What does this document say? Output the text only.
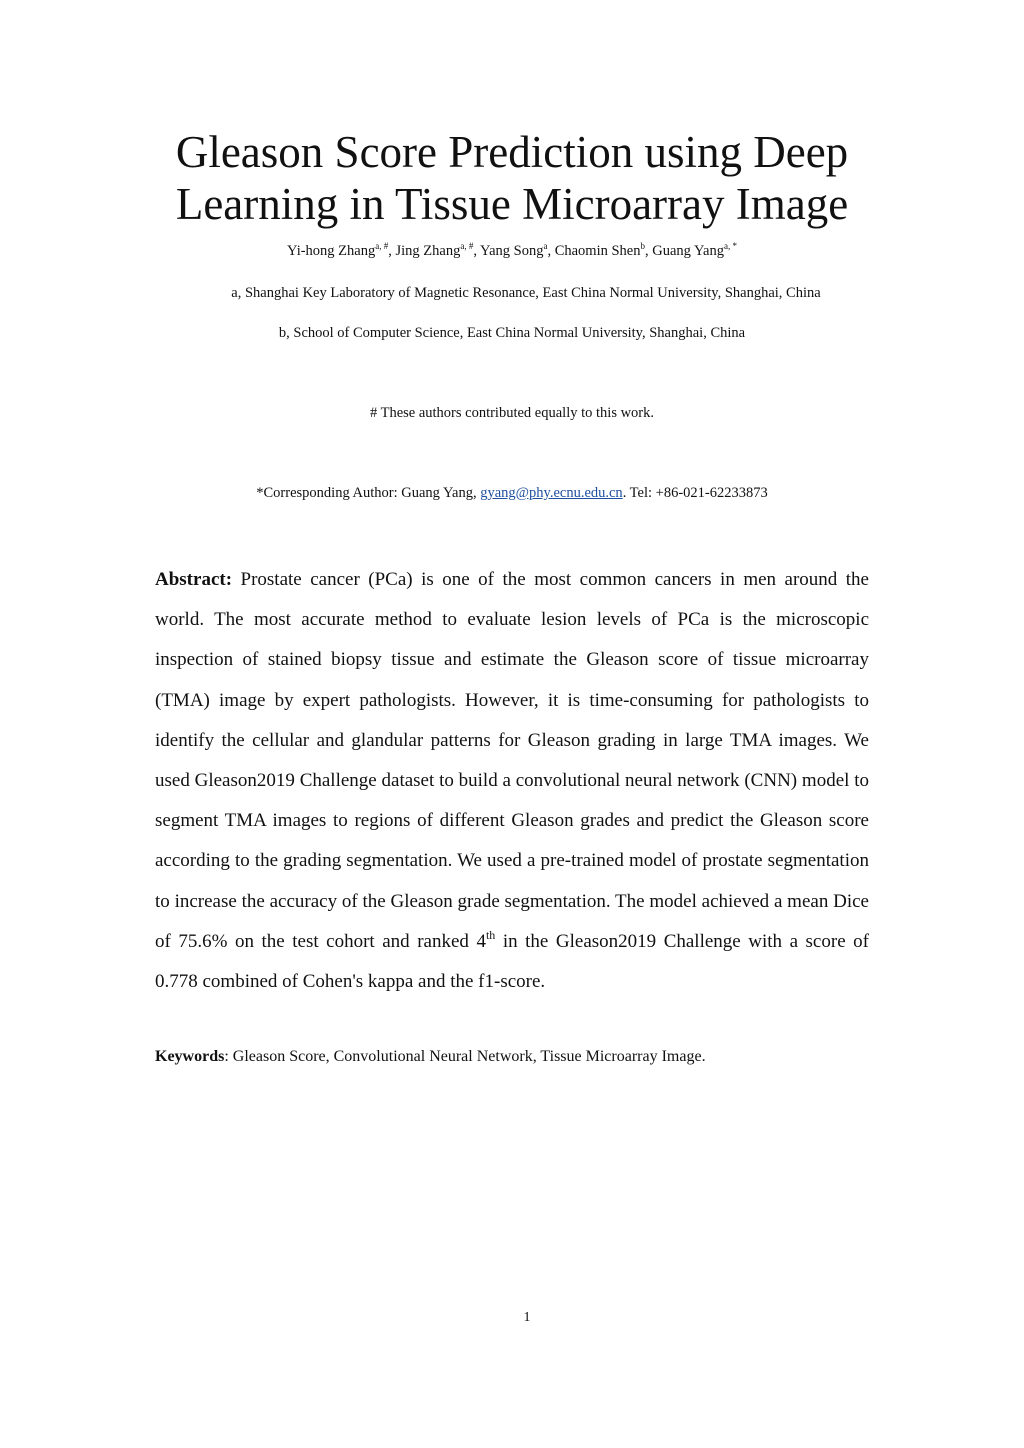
Gleason Score Prediction using Deep
Learning in Tissue Microarray Image
Yi-hong Zhang$^{a, \#}$, Jing Zhang$^{a, \#}$, Yang Song$^a$, Chaomin Shen$^b$, Guang Yang$^{a, *}$
a, Shanghai Key Laboratory of Magnetic Resonance, East China Normal University, Shanghai, China
b, School of Computer Science, East China Normal University, Shanghai, China
# These authors contributed equally to this work.
*Corresponding Author: Guang Yang, gyang@phy.ecnu.edu.cn. Tel: +86-021-62233873

Abstract: Prostate cancer (PCa) is one of the most common cancers in men around the world. The most accurate method to evaluate lesion levels of PCa is the microscopic inspection of stained biopsy tissue and estimate the Gleason score of tissue microarray (TMA) image by expert pathologists. However, it is time-consuming for pathologists to identify the cellular and glandular patterns for Gleason grading in large TMA images. We used Gleason2019 Challenge dataset to build a convolutional neural network (CNN) model to segment TMA images to regions of different Gleason grades and predict the Gleason score according to the grading segmentation. We used a pre-trained model of prostate segmentation to increase the accuracy of the Gleason grade segmentation. The model achieved a mean Dice of 75.6% on the test cohort and ranked 4th in the Gleason2019 Challenge with a score of 0.778 combined of Cohen's kappa and the f1-score.

Keywords: Gleason Score, Convolutional Neural Network, Tissue Microarray Image.
1
